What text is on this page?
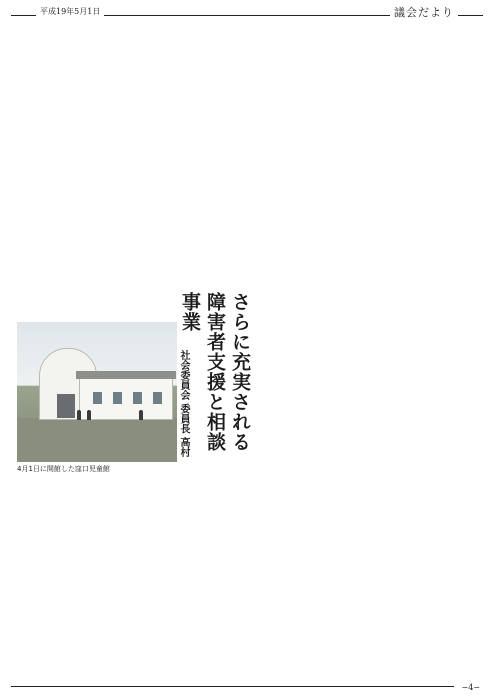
平成19年5月1日	議会だより
さらに充実される
障害者支援と相談事業
社会委員会 委員長 高村
4月1日に開館した窪口児童館
−4−
